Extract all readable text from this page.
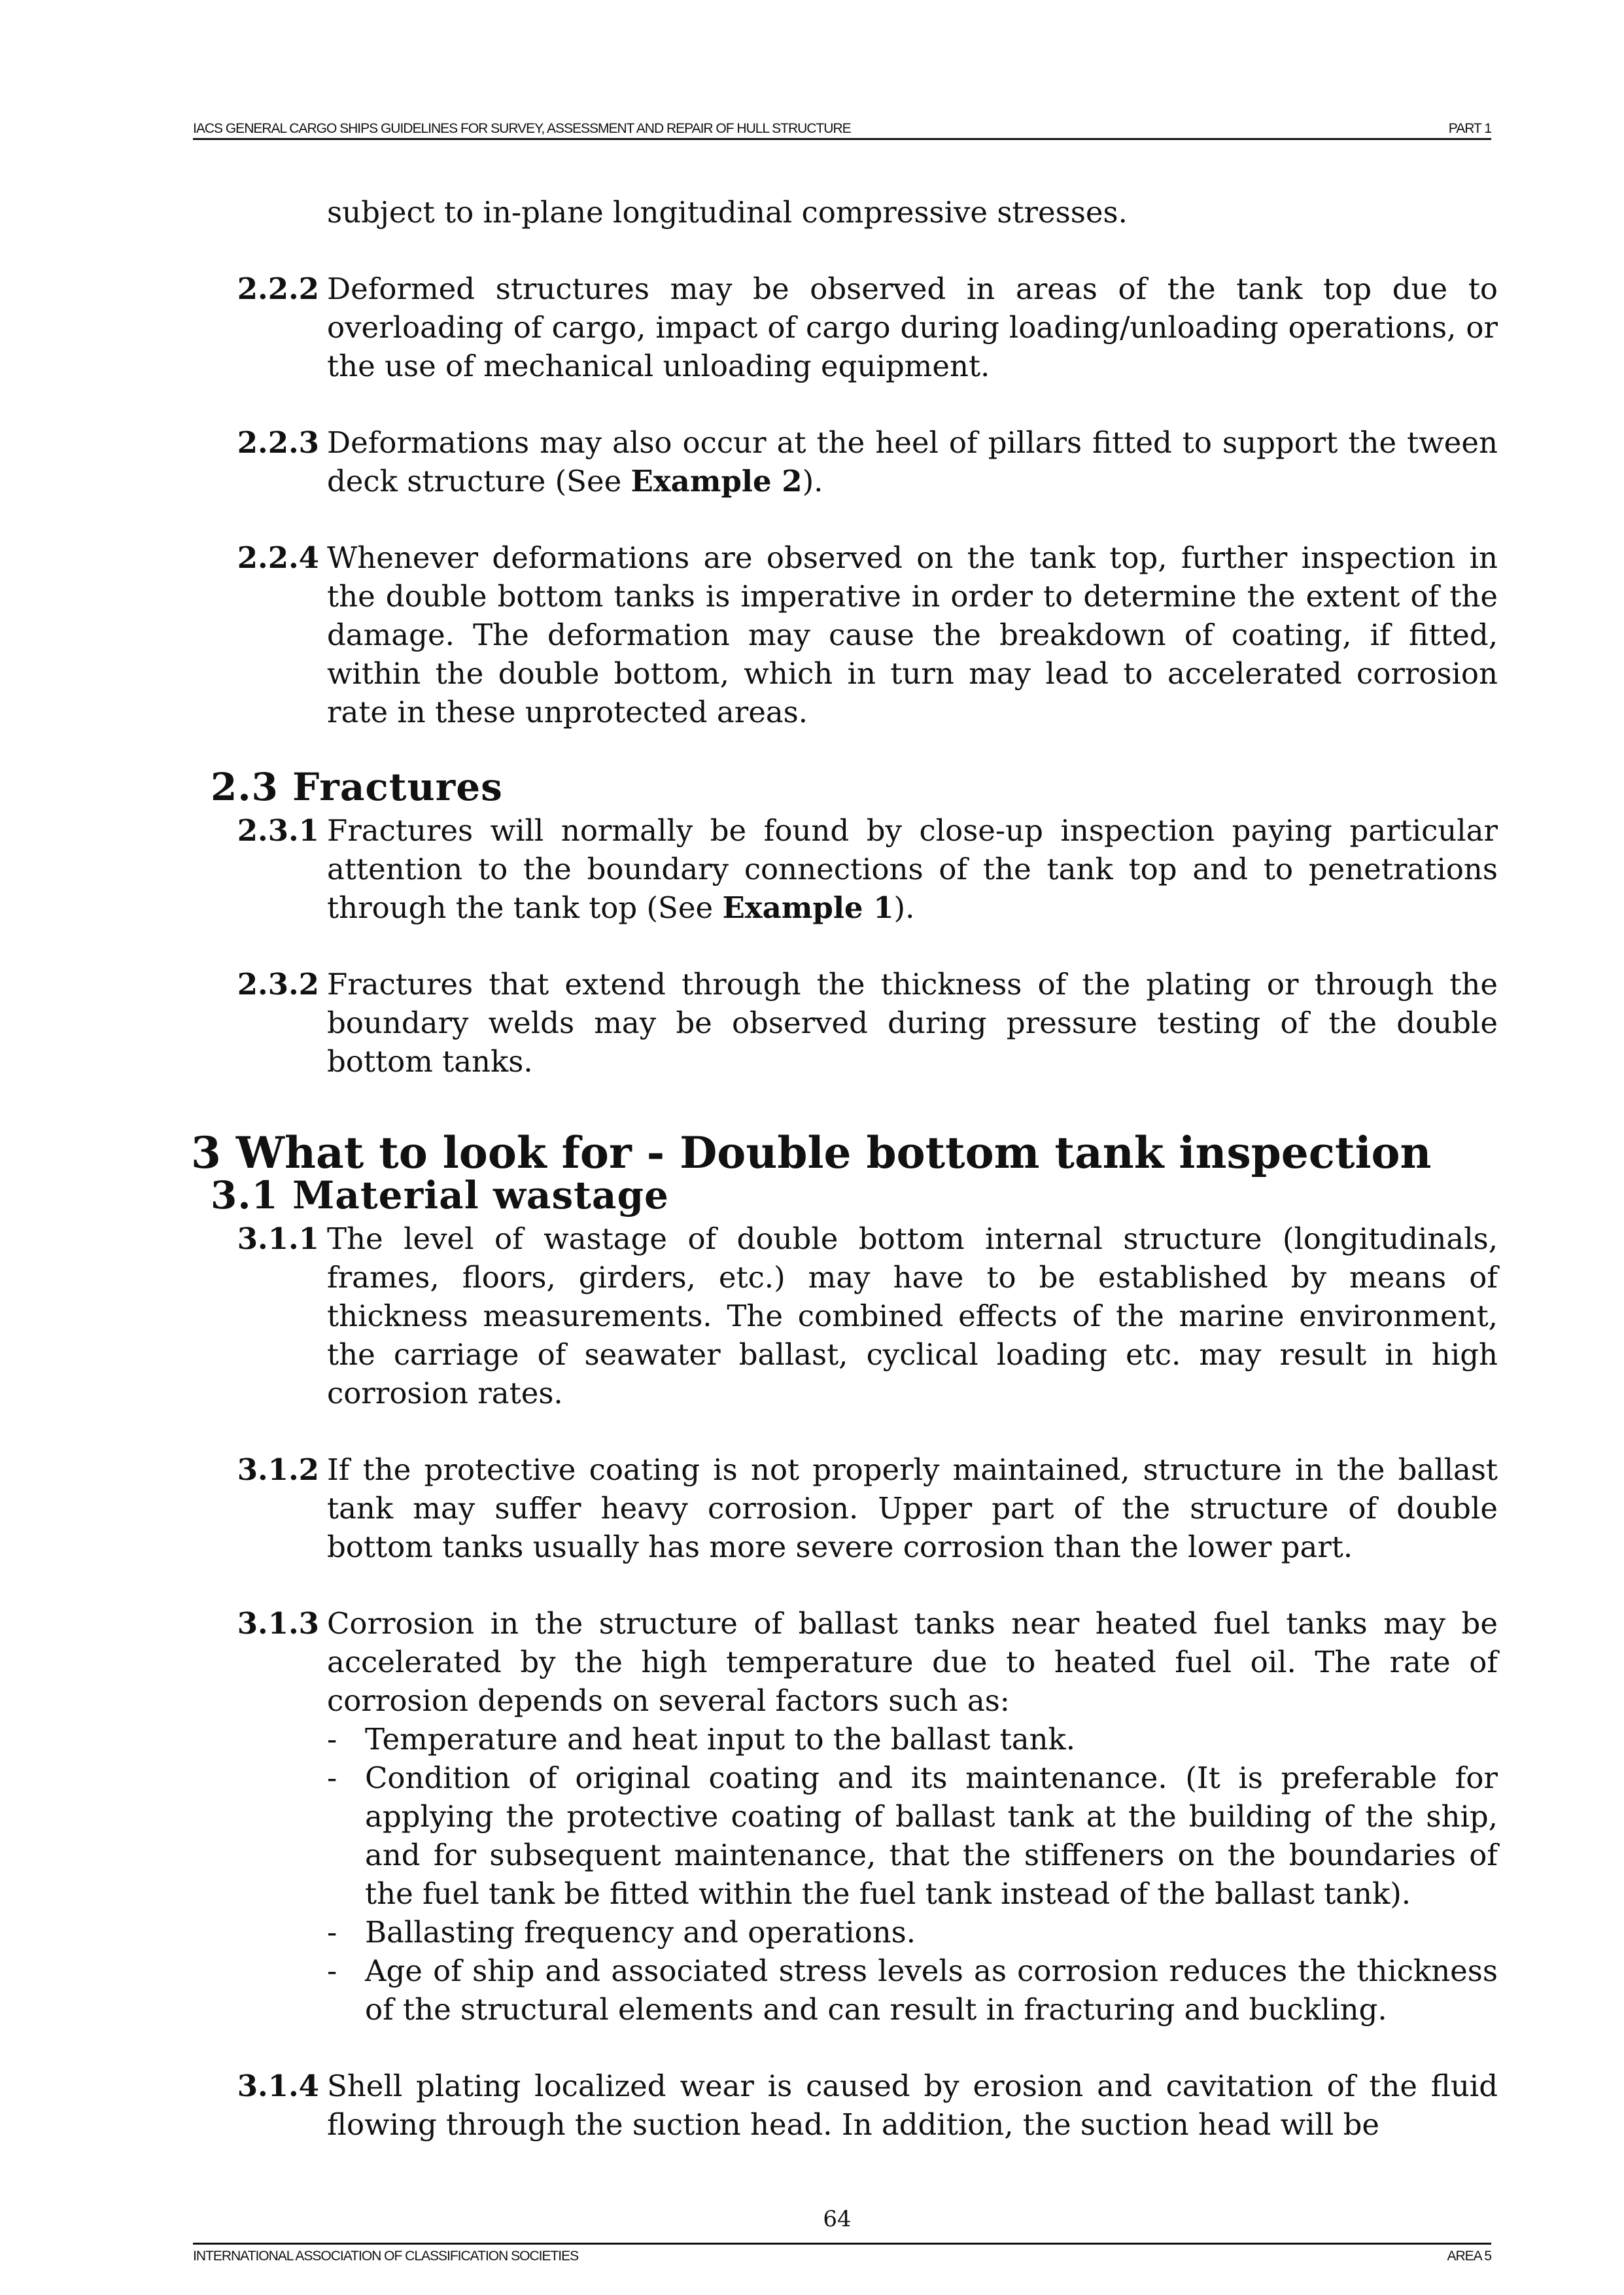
IACS GENERAL CARGO SHIPS GUIDELINES FOR SURVEY, ASSESSMENT AND REPAIR OF HULL STRUCTURE	PART 1
subject to in-plane longitudinal compressive stresses.
2.2.2 Deformed structures may be observed in areas of the tank top due to overloading of cargo, impact of cargo during loading/unloading operations, or the use of mechanical unloading equipment.
2.2.3 Deformations may also occur at the heel of pillars fitted to support the tween deck structure (See Example 2).
2.2.4 Whenever deformations are observed on the tank top, further inspection in the double bottom tanks is imperative in order to determine the extent of the damage. The deformation may cause the breakdown of coating, if fitted, within the double bottom, which in turn may lead to accelerated corrosion rate in these unprotected areas.
2.3 Fractures
2.3.1 Fractures will normally be found by close-up inspection paying particular attention to the boundary connections of the tank top and to penetrations through the tank top (See Example 1).
2.3.2 Fractures that extend through the thickness of the plating or through the boundary welds may be observed during pressure testing of the double bottom tanks.
3 What to look for - Double bottom tank inspection
3.1 Material wastage
3.1.1 The level of wastage of double bottom internal structure (longitudinals, frames, floors, girders, etc.) may have to be established by means of thickness measurements. The combined effects of the marine environment, the carriage of seawater ballast, cyclical loading etc. may result in high corrosion rates.
3.1.2 If the protective coating is not properly maintained, structure in the ballast tank may suffer heavy corrosion. Upper part of the structure of double bottom tanks usually has more severe corrosion than the lower part.
3.1.3 Corrosion in the structure of ballast tanks near heated fuel tanks may be accelerated by the high temperature due to heated fuel oil. The rate of corrosion depends on several factors such as:
- Temperature and heat input to the ballast tank.
- Condition of original coating and its maintenance. (It is preferable for applying the protective coating of ballast tank at the building of the ship, and for subsequent maintenance, that the stiffeners on the boundaries of the fuel tank be fitted within the fuel tank instead of the ballast tank).
- Ballasting frequency and operations.
- Age of ship and associated stress levels as corrosion reduces the thickness of the structural elements and can result in fracturing and buckling.
3.1.4 Shell plating localized wear is caused by erosion and cavitation of the fluid flowing through the suction head. In addition, the suction head will be
64
INTERNATIONAL ASSOCIATION OF CLASSIFICATION SOCIETIES	AREA 5
